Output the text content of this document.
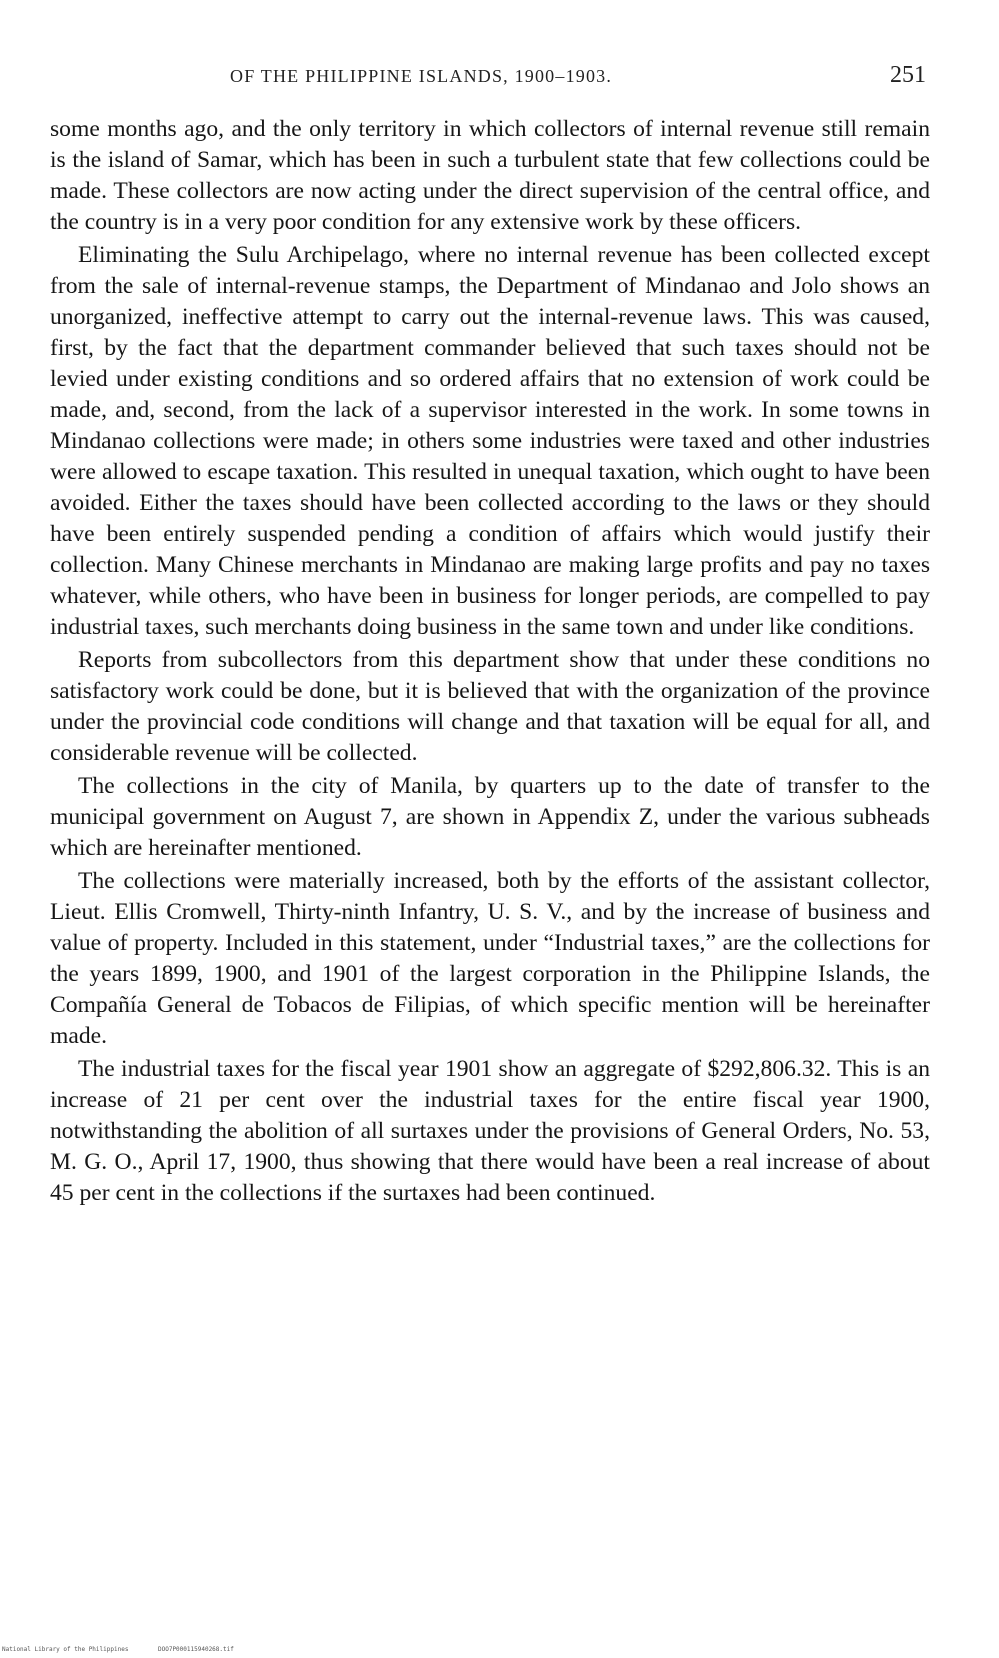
OF THE PHILIPPINE ISLANDS, 1900–1903.	251

some months ago, and the only territory in which collectors of internal revenue still remain is the island of Samar, which has been in such a turbulent state that few collections could be made. These collectors are now acting under the direct supervision of the central office, and the country is in a very poor condition for any extensive work by these officers.

Eliminating the Sulu Archipelago, where no internal revenue has been collected except from the sale of internal-revenue stamps, the Department of Mindanao and Jolo shows an unorganized, ineffective attempt to carry out the internal-revenue laws. This was caused, first, by the fact that the department commander believed that such taxes should not be levied under existing conditions and so ordered affairs that no extension of work could be made, and, second, from the lack of a supervisor interested in the work. In some towns in Mindanao collections were made; in others some industries were taxed and other industries were allowed to escape taxation. This resulted in unequal taxation, which ought to have been avoided. Either the taxes should have been collected according to the laws or they should have been entirely suspended pending a condition of affairs which would justify their collection. Many Chinese merchants in Mindanao are making large profits and pay no taxes whatever, while others, who have been in business for longer periods, are compelled to pay industrial taxes, such merchants doing business in the same town and under like conditions.

Reports from subcollectors from this department show that under these conditions no satisfactory work could be done, but it is believed that with the organization of the province under the provincial code conditions will change and that taxation will be equal for all, and considerable revenue will be collected.

The collections in the city of Manila, by quarters up to the date of transfer to the municipal government on August 7, are shown in Appendix Z, under the various subheads which are hereinafter mentioned.

The collections were materially increased, both by the efforts of the assistant collector, Lieut. Ellis Cromwell, Thirty-ninth Infantry, U. S. V., and by the increase of business and value of property. Included in this statement, under “Industrial taxes,” are the collections for the years 1899, 1900, and 1901 of the largest corporation in the Philippine Islands, the Compañía General de Tobacos de Filipias, of which specific mention will be hereinafter made.

The industrial taxes for the fiscal year 1901 show an aggregate of $292,806.32. This is an increase of 21 per cent over the industrial taxes for the entire fiscal year 1900, notwithstanding the abolition of all surtaxes under the provisions of General Orders, No. 53, M. G. O., April 17, 1900, thus showing that there would have been a real increase of about 45 per cent in the collections if the surtaxes had been continued.

National Library of the Philippines	DOO7P000115940268.tif
